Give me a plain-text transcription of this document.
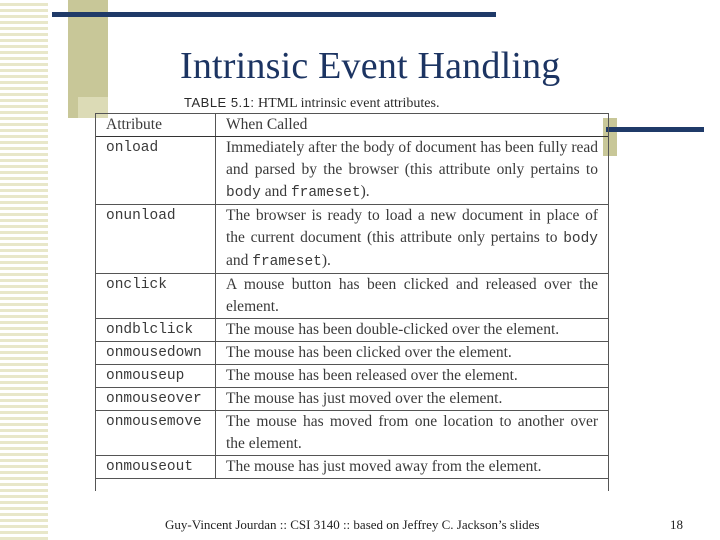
Intrinsic Event Handling
TABLE 5.1: HTML intrinsic event attributes.
Attribute	When Called
onload	Immediately after the body of document has been fully read and parsed by the browser (this attribute only pertains to body and frameset).
onunload	The browser is ready to load a new document in place of the current document (this attribute only pertains to body and frameset).
onclick	A mouse button has been clicked and released over the element.
ondblclick	The mouse has been double-clicked over the element.
onmousedown	The mouse has been clicked over the element.
onmouseup	The mouse has been released over the element.
onmouseover	The mouse has just moved over the element.
onmousemove	The mouse has moved from one location to another over the element.
onmouseout	The mouse has just moved away from the element.
Guy-Vincent Jourdan :: CSI 3140 :: based on Jeffrey C. Jackson’s slides	18
